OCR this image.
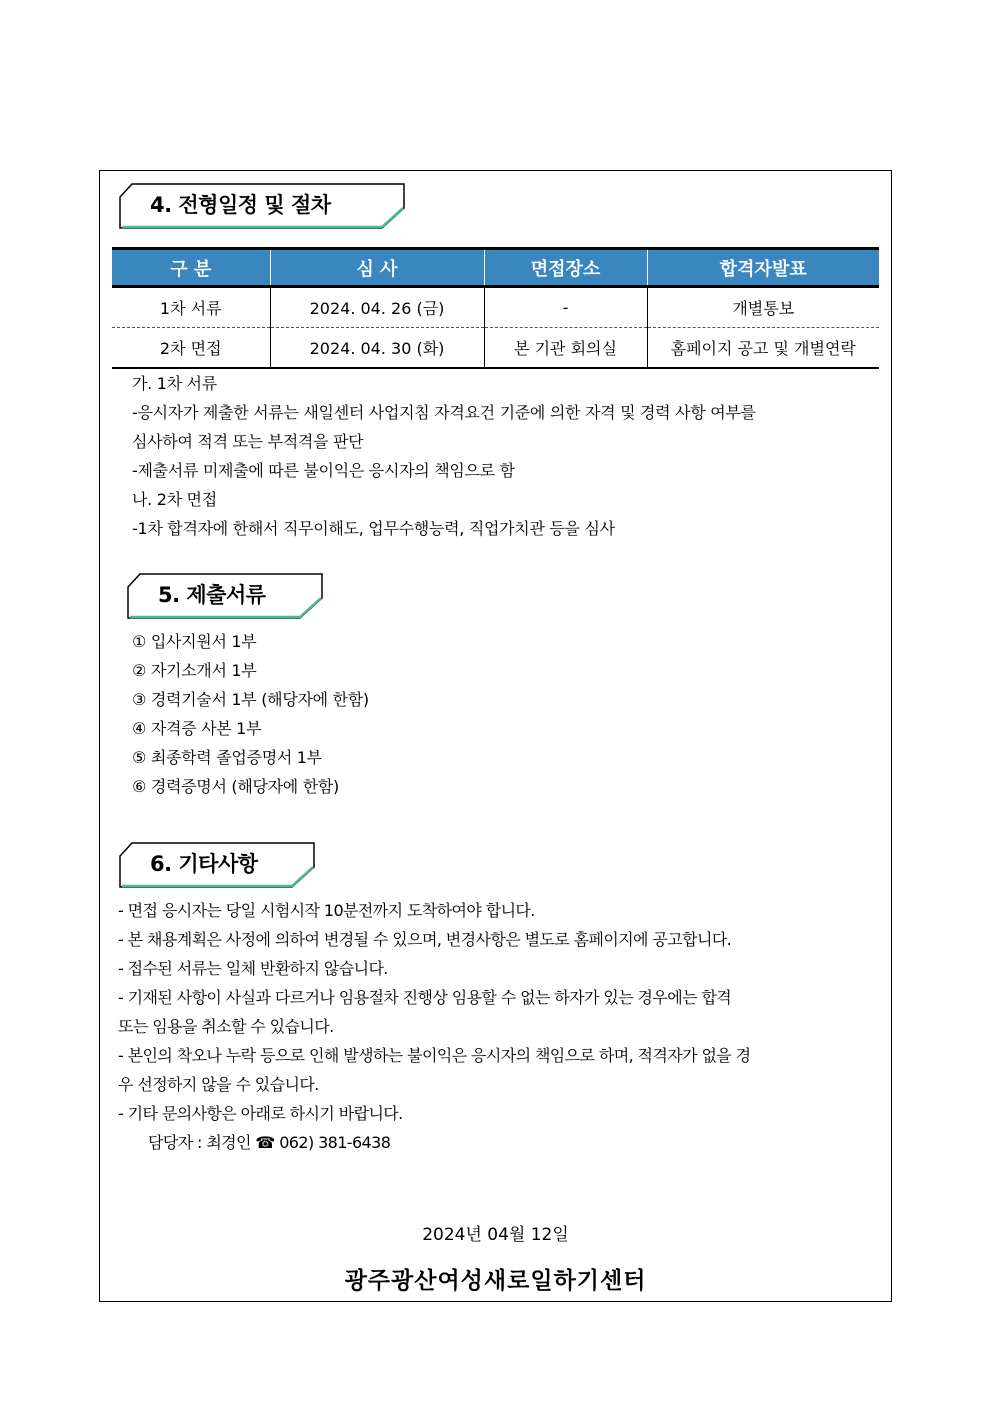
4. 전형일정 및 절차
구 분	심 사	면접장소	합격자발표
1차 서류	2024. 04. 26 (금)	-	개별통보
2차 면접	2024. 04. 30 (화)	본 기관 회의실	홈페이지 공고 및 개별연락
가. 1차 서류
-응시자가 제출한 서류는 새일센터 사업지침 자격요건 기준에 의한 자격 및 경력 사항 여부를
심사하여 적격 또는 부적격을 판단
-제출서류 미제출에 따른 불이익은 응시자의 책임으로 함
나. 2차 면접
-1차 합격자에 한해서 직무이해도, 업무수행능력, 직업가치관 등을 심사
5. 제출서류
① 입사지원서 1부
② 자기소개서 1부
③ 경력기술서 1부 (해당자에 한함)
④ 자격증 사본 1부
⑤ 최종학력 졸업증명서 1부
⑥ 경력증명서 (해당자에 한함)
6. 기타사항
- 면접 응시자는 당일 시험시작 10분전까지 도착하여야 합니다.
- 본 채용계획은 사정에 의하여 변경될 수 있으며, 변경사항은 별도로 홈페이지에 공고합니다.
- 접수된 서류는 일체 반환하지 않습니다.
- 기재된 사항이 사실과 다르거나 임용절차 진행상 임용할 수 없는 하자가 있는 경우에는 합격
또는 임용을 취소할 수 있습니다.
- 본인의 착오나 누락 등으로 인해 발생하는 불이익은 응시자의 책임으로 하며, 적격자가 없을 경
우 선정하지 않을 수 있습니다.
- 기타 문의사항은 아래로 하시기 바랍니다.
담당자 : 최경인 ☎ 062) 381-6438
2024년 04월 12일
광주광산여성새로일하기센터
